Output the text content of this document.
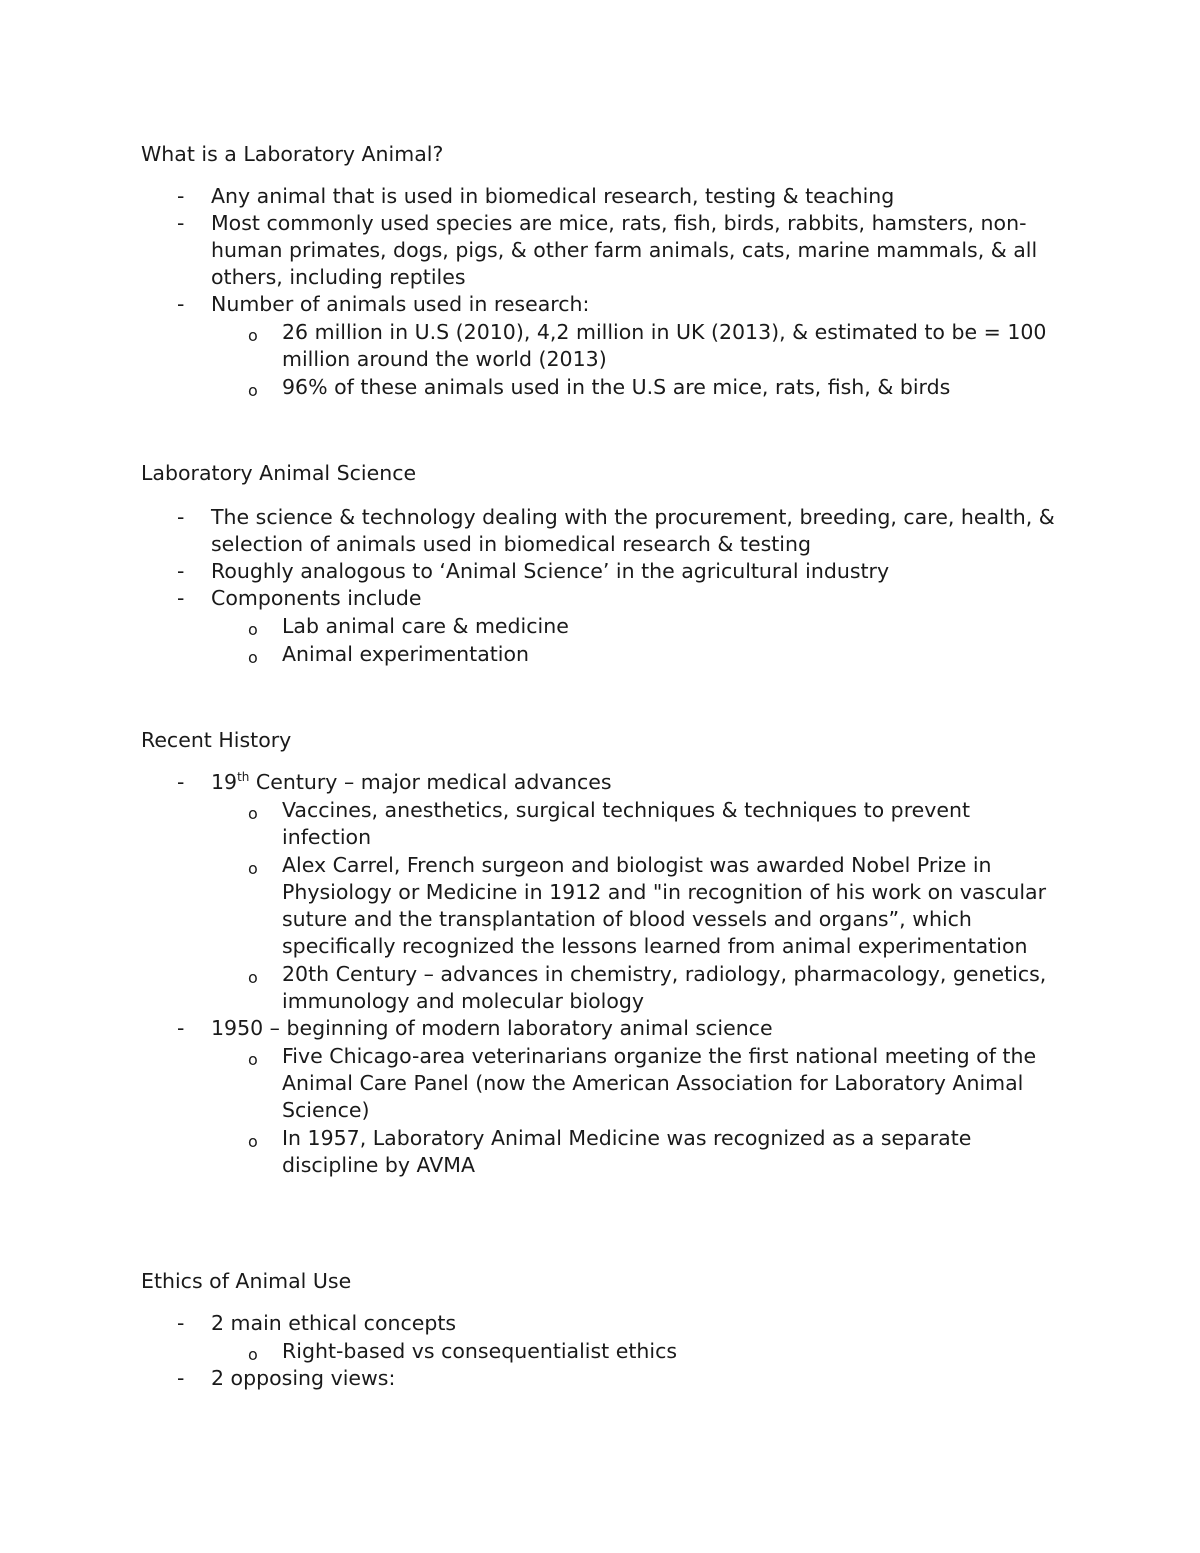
What is a Laboratory Animal?

- Any animal that is used in biomedical research, testing & teaching
- Most commonly used species are mice, rats, fish, birds, rabbits, hamsters, non-human primates, dogs, pigs, & other farm animals, cats, marine mammals, & all others, including reptiles
- Number of animals used in research:
o 26 million in U.S (2010), 4,2 million in UK (2013), & estimated to be = 100 million around the world (2013)
o 96% of these animals used in the U.S are mice, rats, fish, & birds

Laboratory Animal Science

- The science & technology dealing with the procurement, breeding, care, health, & selection of animals used in biomedical research & testing
- Roughly analogous to ‘Animal Science’ in the agricultural industry
- Components include
o Lab animal care & medicine
o Animal experimentation

Recent History

- 19th Century – major medical advances
o Vaccines, anesthetics, surgical techniques & techniques to prevent infection
o Alex Carrel, French surgeon and biologist was awarded Nobel Prize in Physiology or Medicine in 1912 and "in recognition of his work on vascular suture and the transplantation of blood vessels and organs”, which specifically recognized the lessons learned from animal experimentation
o 20th Century – advances in chemistry, radiology, pharmacology, genetics, immunology and molecular biology
- 1950 – beginning of modern laboratory animal science
o Five Chicago-area veterinarians organize the first national meeting of the Animal Care Panel (now the American Association for Laboratory Animal Science)
o In 1957, Laboratory Animal Medicine was recognized as a separate discipline by AVMA

Ethics of Animal Use

- 2 main ethical concepts
o Right-based vs consequentialist ethics
- 2 opposing views:
